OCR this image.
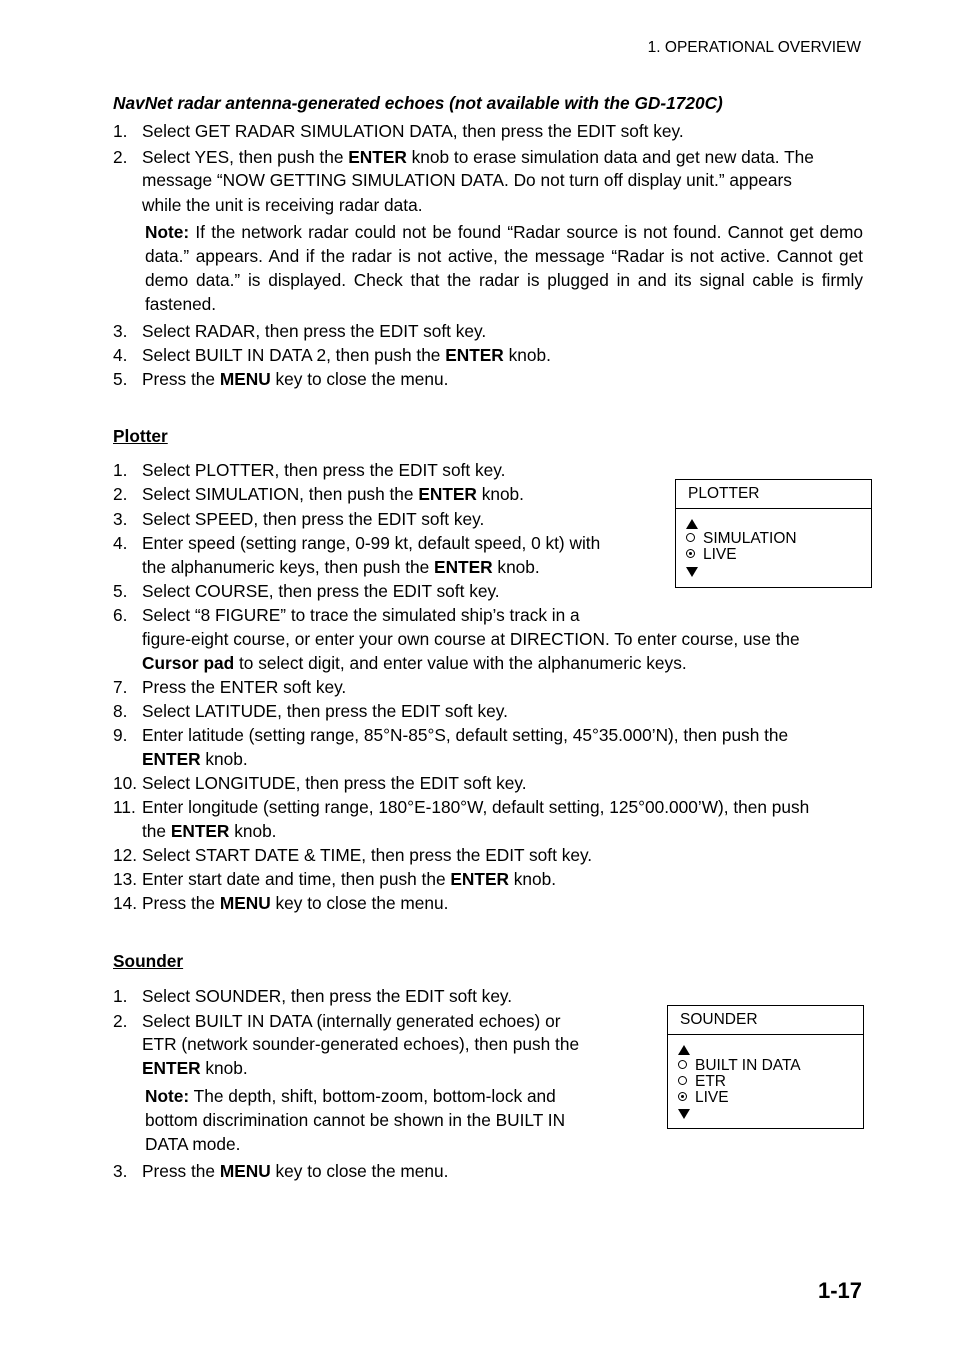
1. OPERATIONAL OVERVIEW
NavNet radar antenna-generated echoes (not available with the GD-1720C)
1. Select GET RADAR SIMULATION DATA, then press the EDIT soft key.
2. Select YES, then push the ENTER knob to erase simulation data and get new data. The
message “NOW GETTING SIMULATION DATA. Do not turn off display unit.” appears
while the unit is receiving radar data.
Note: If the network radar could not be found “Radar source is not found. Cannot get demo data.” appears. And if the radar is not active, the message “Radar is not active. Cannot get demo data.” is displayed. Check that the radar is plugged in and its signal cable is firmly fastened.
3. Select RADAR, then press the EDIT soft key.
4. Select BUILT IN DATA 2, then push the ENTER knob.
5. Press the MENU key to close the menu.
Plotter
1. Select PLOTTER, then press the EDIT soft key.
2. Select SIMULATION, then push the ENTER knob.
3. Select SPEED, then press the EDIT soft key.
4. Enter speed (setting range, 0-99 kt, default speed, 0 kt) with
the alphanumeric keys, then push the ENTER knob.
5. Select COURSE, then press the EDIT soft key.
6. Select “8 FIGURE” to trace the simulated ship’s track in a
figure-eight course, or enter your own course at DIRECTION. To enter course, use the
Cursor pad to select digit, and enter value with the alphanumeric keys.
7. Press the ENTER soft key.
8. Select LATITUDE, then press the EDIT soft key.
9. Enter latitude (setting range, 85°N-85°S, default setting, 45°35.000’N), then push the
ENTER knob.
10. Select LONGITUDE, then press the EDIT soft key.
11. Enter longitude (setting range, 180°E-180°W, default setting, 125°00.000’W), then push
the ENTER knob.
12. Select START DATE & TIME, then press the EDIT soft key.
13. Enter start date and time, then push the ENTER knob.
14. Press the MENU key to close the menu.
PLOTTER
SIMULATION
LIVE
Sounder
1. Select SOUNDER, then press the EDIT soft key.
2. Select BUILT IN DATA (internally generated echoes) or
ETR (network sounder-generated echoes), then push the
ENTER knob.
Note: The depth, shift, bottom-zoom, bottom-lock and bottom discrimination cannot be shown in the BUILT IN DATA mode.
3. Press the MENU key to close the menu.
SOUNDER
BUILT IN DATA
ETR
LIVE
1-17
